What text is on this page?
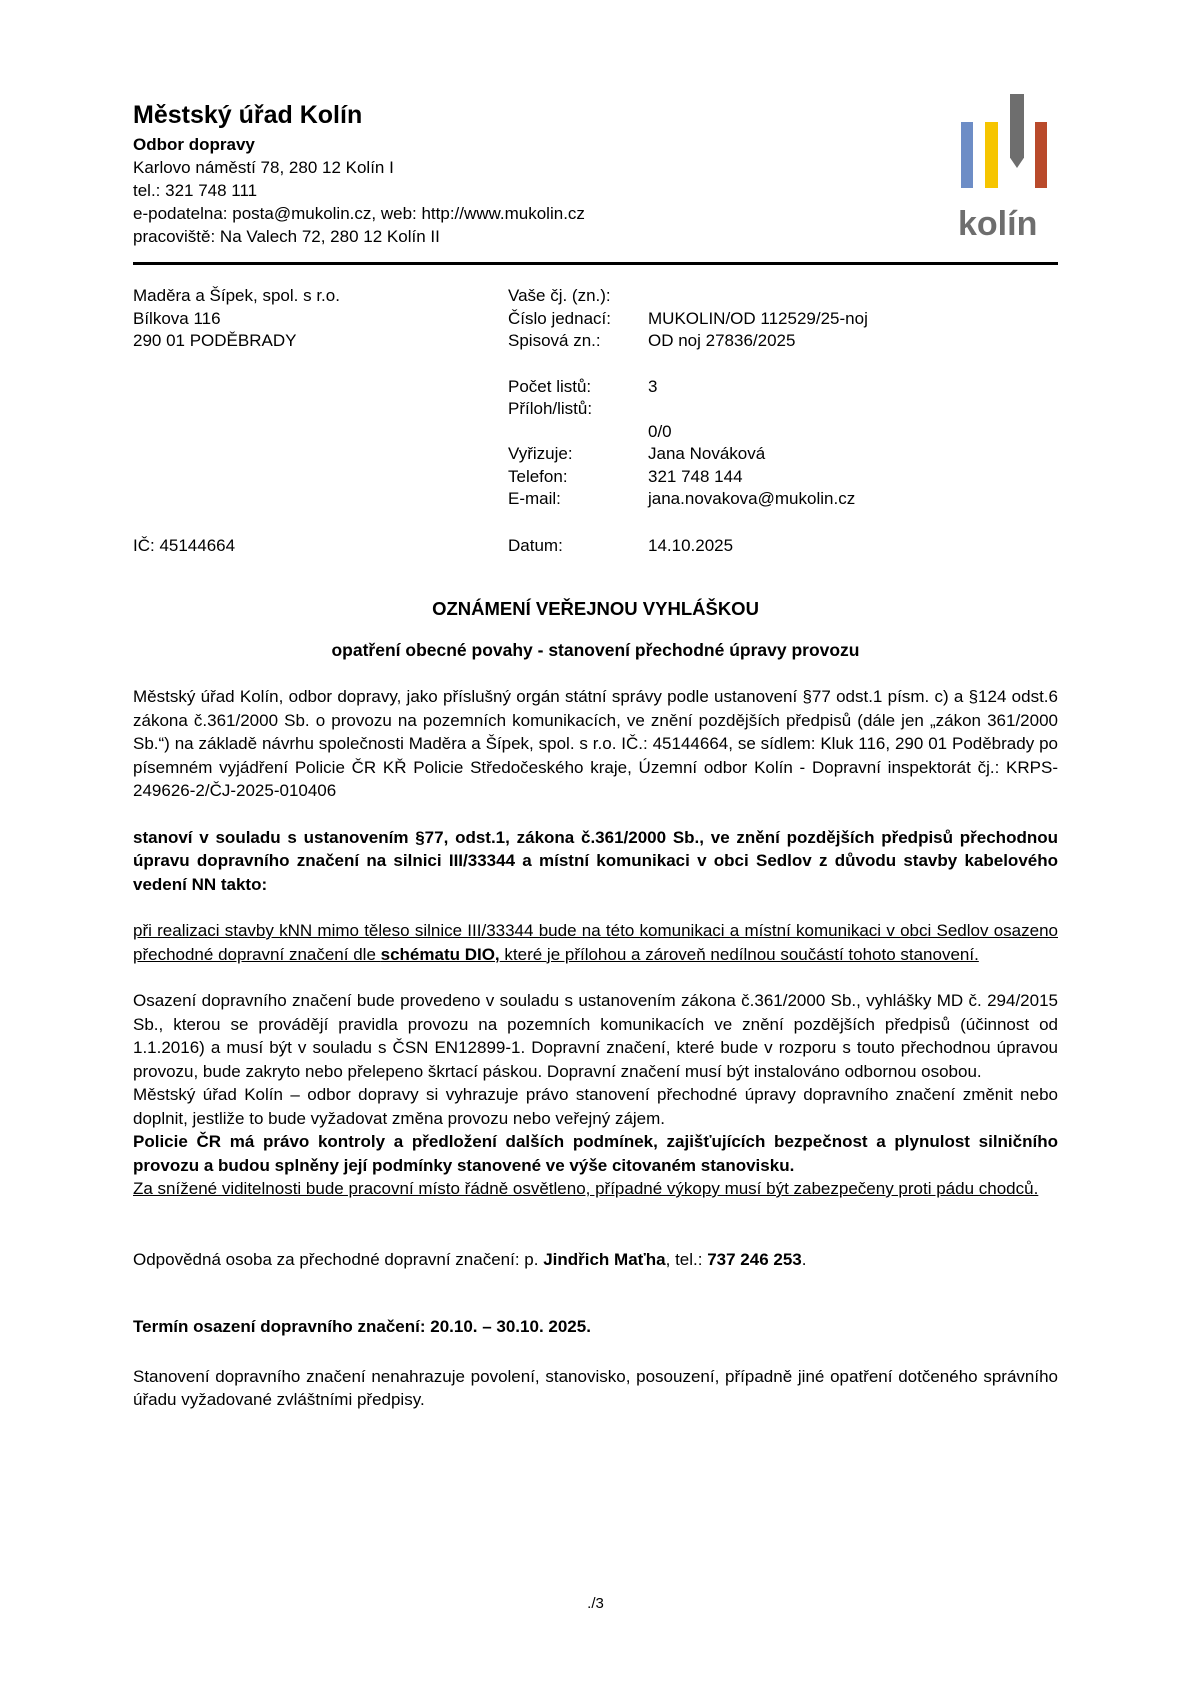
Městský úřad Kolín
Odbor dopravy
Karlovo náměstí 78, 280 12 Kolín I
tel.: 321 748 111
e-podatelna: posta@mukolin.cz, web: http://www.mukolin.cz
pracoviště: Na Valech 72, 280 12 Kolín II	kolín
Maděra a Šípek, spol. s r.o.
Bílkova 116
290 01 PODĚBRADY
IČ: 45144664
Vaše čj. (zn.):
Číslo jednací:	MUKOLIN/OD 112529/25-noj
Spisová zn.:	OD noj 27836/2025
Počet listů:	3
Příloh/listů:
0/0
Vyřizuje:	Jana Nováková
Telefon:	321 748 144
E-mail:	jana.novakova@mukolin.cz
Datum:	14.10.2025
OZNÁMENÍ VEŘEJNOU VYHLÁŠKOU
opatření obecné povahy - stanovení přechodné úpravy provozu

Městský úřad Kolín, odbor dopravy, jako příslušný orgán státní správy podle ustanovení §77 odst.1 písm. c) a §124 odst.6 zákona č.361/2000 Sb. o provozu na pozemních komunikacích, ve znění pozdějších předpisů (dále jen „zákon 361/2000 Sb.“) na základě návrhu společnosti Maděra a Šípek, spol. s r.o. IČ.: 45144664, se sídlem: Kluk 116, 290 01 Poděbrady po písemném vyjádření Policie ČR KŘ Policie Středočeského kraje, Územní odbor Kolín - Dopravní inspektorát čj.: KRPS-249626-2/ČJ-2025-010406

stanoví v souladu s ustanovením §77, odst.1, zákona č.361/2000 Sb., ve znění pozdějších předpisů přechodnou úpravu dopravního značení na silnici III/33344 a místní komunikaci v obci Sedlov z důvodu stavby kabelového vedení NN takto:

při realizaci stavby kNN mimo těleso silnice III/33344 bude na této komunikaci a místní komunikaci v obci Sedlov osazeno přechodné dopravní značení dle schématu DIO, které je přílohou a zároveň nedílnou součástí tohoto stanovení.

Osazení dopravního značení bude provedeno v souladu s ustanovením zákona č.361/2000 Sb., vyhlášky MD č. 294/2015 Sb., kterou se provádějí pravidla provozu na pozemních komunikacích ve znění pozdějších předpisů (účinnost od 1.1.2016) a musí být v souladu s ČSN EN12899-1. Dopravní značení, které bude v rozporu s touto přechodnou úpravou provozu, bude zakryto nebo přelepeno škrtací páskou. Dopravní značení musí být instalováno odbornou osobou.

Městský úřad Kolín – odbor dopravy si vyhrazuje právo stanovení přechodné úpravy dopravního značení změnit nebo doplnit, jestliže to bude vyžadovat změna provozu nebo veřejný zájem.

Policie ČR má právo kontroly a předložení dalších podmínek, zajišťujících bezpečnost a plynulost silničního provozu a budou splněny její podmínky stanovené ve výše citovaném stanovisku.

Za snížené viditelnosti bude pracovní místo řádně osvětleno, případné výkopy musí být zabezpečeny proti pádu chodců.

Odpovědná osoba za přechodné dopravní značení: p. Jindřich Maťha, tel.: 737 246 253.

Termín osazení dopravního značení: 20.10. – 30.10. 2025.

Stanovení dopravního značení nenahrazuje povolení, stanovisko, posouzení, případně jiné opatření dotčeného správního úřadu vyžadované zvláštními předpisy.

./3
